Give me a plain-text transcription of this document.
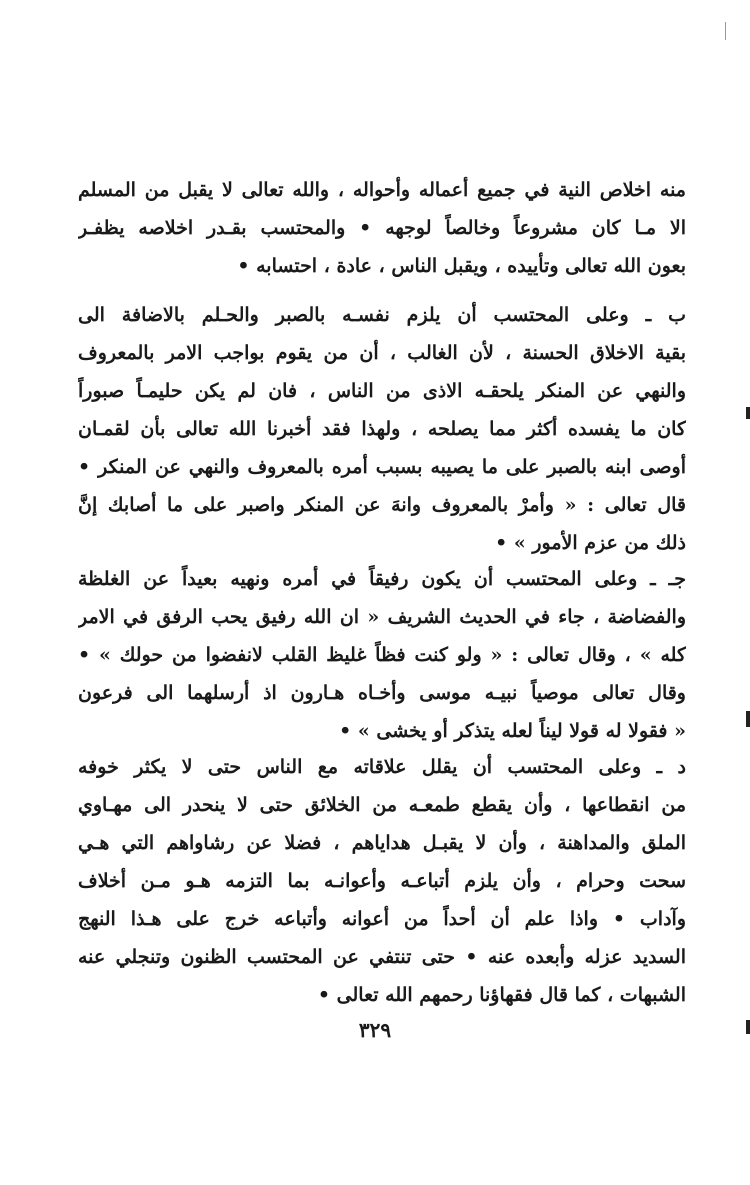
منه اخلاص النية في جميع أعماله وأحواله ، والله تعالى لا يقبل من المسلم
الا مـا كان مشروعاً وخالصاً لوجهه • والمحتسب بقـدر اخلاصه يظفـر
بعون الله تعالى وتأييده ، ويقبل الناس ، عادة ، احتسابه •
ب ـ وعلى المحتسب أن يلزم نفسـه بالصبر والحـلم بالاضافة الى
بقية الاخلاق الحسنة ، لأن الغالب ، أن من يقوم بواجب الامر بالمعروف
والنهي عن المنكر يلحقـه الاذى من الناس ، فان لم يكن حليمـاً صبوراً
كان ما يفسده أكثر مما يصلحه ، ولهذا فقد أخبرنا الله تعالى بأن لقمـان
أوصى ابنه بالصبر على ما يصيبه بسبب أمره بالمعروف والنهي عن المنكر •
قال تعالى : « وأمرْ بالمعروف وانهَ عن المنكر واصبر على ما أصابك إنَّ
ذلك من عزم الأمور » •
جـ ـ وعلى المحتسب أن يكون رفيقاً في أمره ونهيه بعيداً عن الغلظة
والفضاضة ، جاء في الحديث الشريف « ان الله رفيق يحب الرفق في الامر
كله » ، وقال تعالى : « ولو كنت فظاً غليظ القلب لانفضوا من حولك » •
وقال تعالى موصياً نبيـه موسى وأخـاه هـارون اذ أرسلهما الى فرعون
« فقولا له قولا ليناً لعله يتذكر أو يخشى » •
د ـ وعلى المحتسب أن يقلل علاقاته مع الناس حتى لا يكثر خوفه
من انقطاعها ، وأن يقطع طمعـه من الخلائق حتى لا ينحدر الى مهـاوي
الملق والمداهنة ، وأن لا يقبـل هداياهم ، فضلا عن رشاواهم التي هـي
سحت وحرام ، وأن يلزم أتباعـه وأعوانـه بما التزمه هـو مـن أخلاف
وآداب • واذا علم أن أحداً من أعوانه وأتباعه خرج على هـذا النهج
السديد عزله وأبعده عنه • حتى تنتفي عن المحتسب الظنون وتنجلي عنه
الشبهات ، كما قال فقهاؤنا رحمهم الله تعالى •
٣٢٩
